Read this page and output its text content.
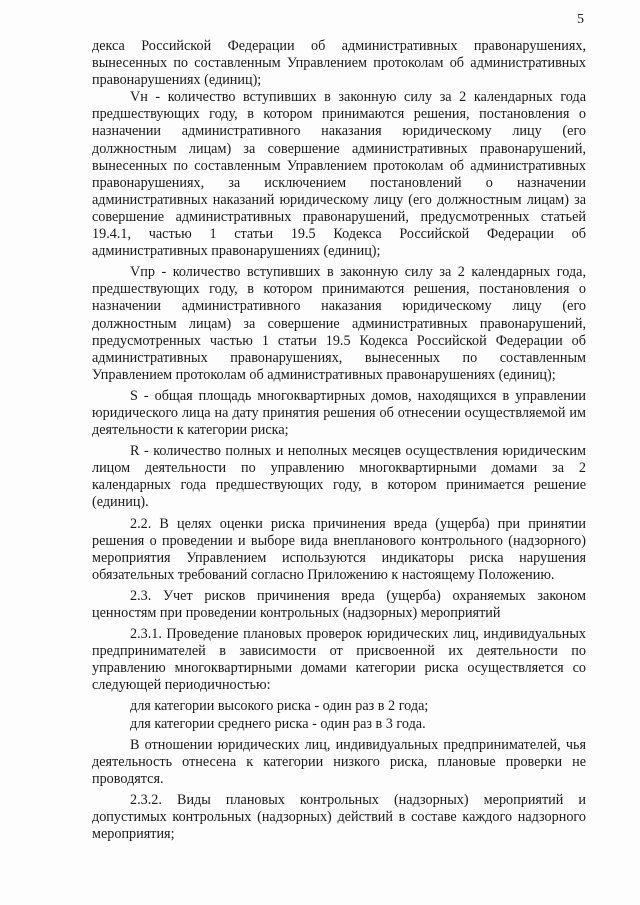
5

декса Российской Федерации об административных правонарушениях, вынесенных по составленным Управлением протоколам об административных правонарушениях (единиц);

Vн - количество вступивших в законную силу за 2 календарных года предшествующих году, в котором принимаются решения, постановления о назначении административного наказания юридическому лицу (его должностным лицам) за совершение административных правонарушений, вынесенных по составленным Управлением протоколам об административных правонарушениях, за исключением постановлений о назначении административных наказаний юридическому лицу (его должностным лицам) за совершение административных правонарушений, предусмотренных статьей 19.4.1, частью 1 статьи 19.5 Кодекса Российской Федерации об административных правонарушениях (единиц);

Vпр - количество вступивших в законную силу за 2 календарных года, предшествующих году, в котором принимаются решения, постановления о назначении административного наказания юридическому лицу (его должностным лицам) за совершение административных правонарушений, предусмотренных частью 1 статьи 19.5 Кодекса Российской Федерации об административных правонарушениях, вынесенных по составленным Управлением протоколам об административных правонарушениях (единиц);

S - общая площадь многоквартирных домов, находящихся в управлении юридического лица на дату принятия решения об отнесении осуществляемой им деятельности к категории риска;

R - количество полных и неполных месяцев осуществления юридическим лицом деятельности по управлению многоквартирными домами за 2 календарных года предшествующих году, в котором принимается решение (единиц).

2.2. В целях оценки риска причинения вреда (ущерба) при принятии решения о проведении и выборе вида внепланового контрольного (надзорного) мероприятия Управлением используются индикаторы риска нарушения обязательных требований согласно Приложению к настоящему Положению.

2.3. Учет рисков причинения вреда (ущерба) охраняемых законом ценностям при проведении контрольных (надзорных) мероприятий

2.3.1. Проведение плановых проверок юридических лиц, индивидуальных предпринимателей в зависимости от присвоенной их деятельности по управлению многоквартирными домами категории риска осуществляется со следующей периодичностью:

для категории высокого риска - один раз в 2 года;

для категории среднего риска - один раз в 3 года.

В отношении юридических лиц, индивидуальных предпринимателей, чья деятельность отнесена к категории низкого риска, плановые проверки не проводятся.

2.3.2. Виды плановых контрольных (надзорных) мероприятий и допустимых контрольных (надзорных) действий в составе каждого надзорного мероприятия;
